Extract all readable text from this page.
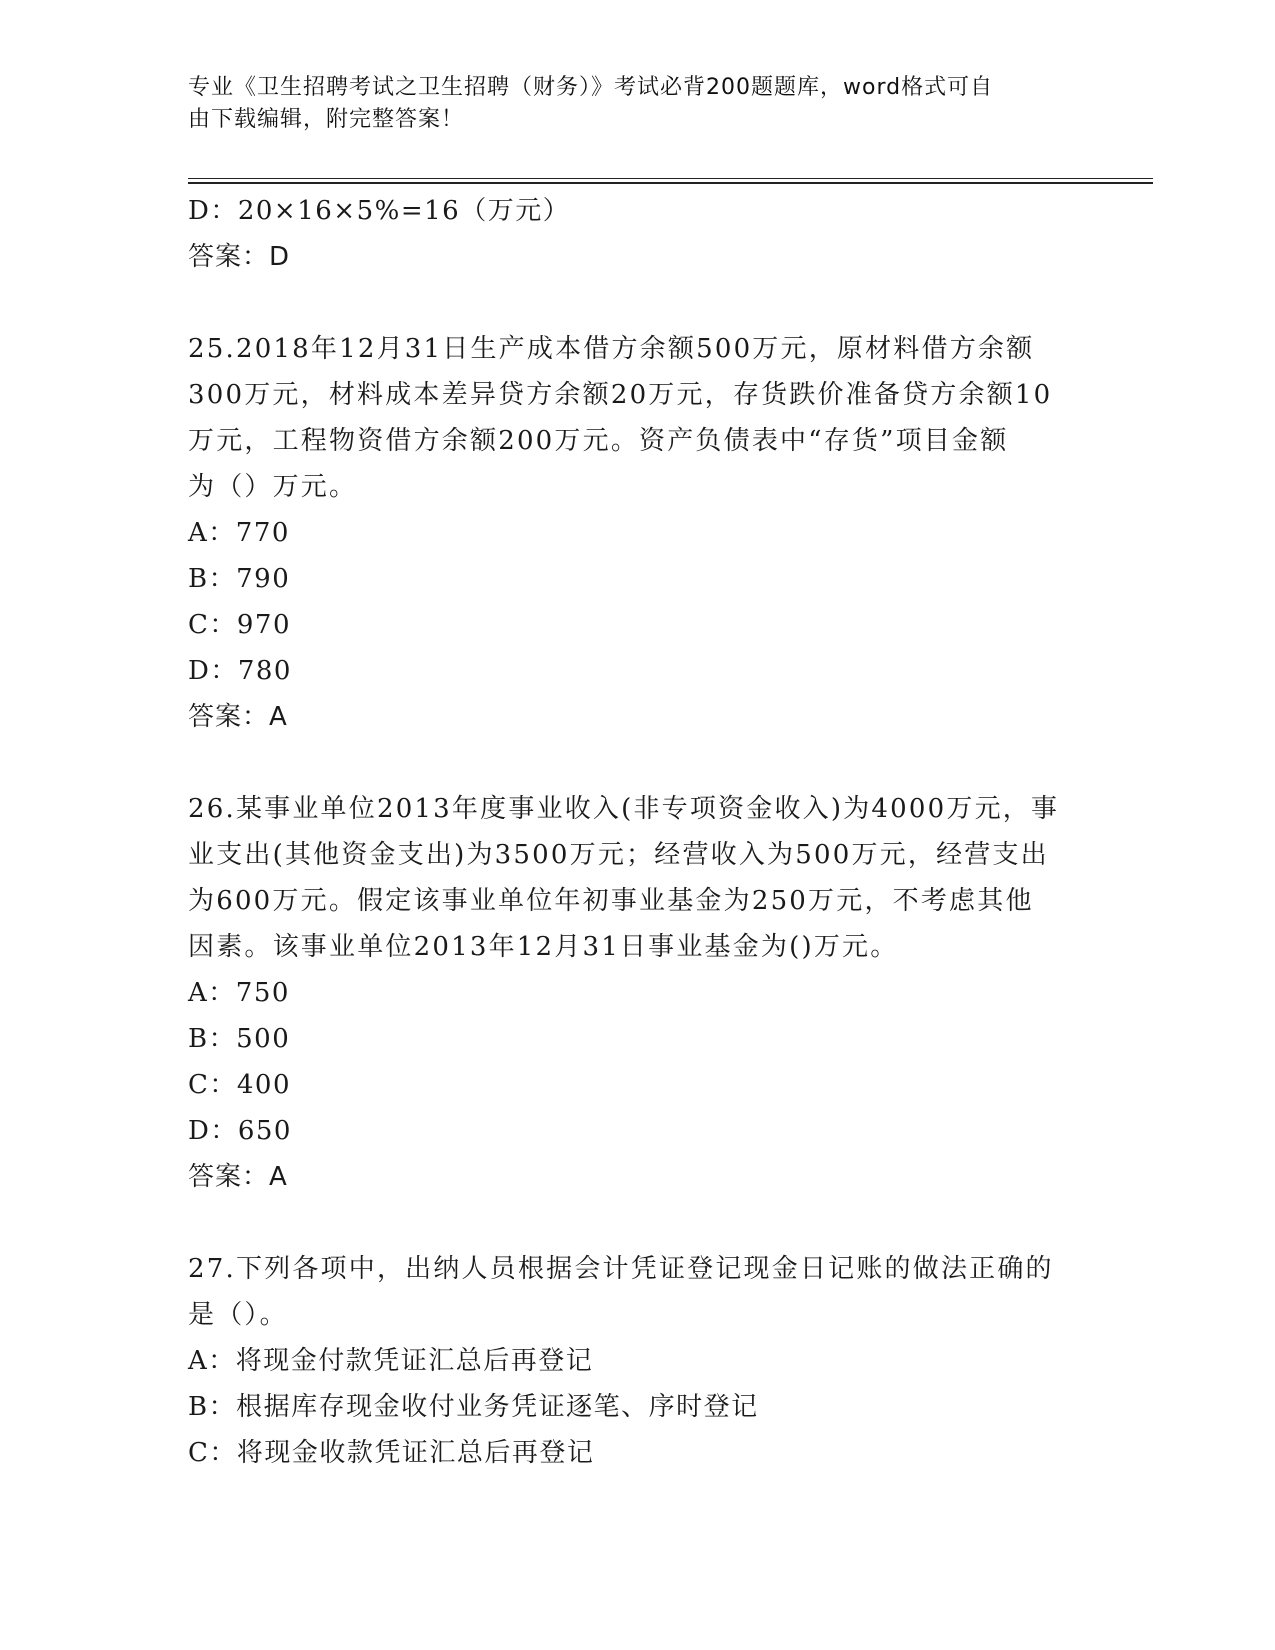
专业《卫生招聘考试之卫生招聘（财务）》考试必背200题题库，word格式可自
由下载编辑，附完整答案！
D：20×16×5%=16（万元）
答案：D
25.2018年12月31日生产成本借方余额500万元，原材料借方余额
300万元，材料成本差异贷方余额20万元，存货跌价准备贷方余额10
万元，工程物资借方余额200万元。资产负债表中“存货”项目金额
为（）万元。
A：770
B：790
C：970
D：780
答案：A
26.某事业单位2013年度事业收入(非专项资金收入)为4000万元，事
业支出(其他资金支出)为3500万元；经营收入为500万元，经营支出
为600万元。假定该事业单位年初事业基金为250万元，不考虑其他
因素。该事业单位2013年12月31日事业基金为()万元。
A：750
B：500
C：400
D：650
答案：A
27.下列各项中，出纳人员根据会计凭证登记现金日记账的做法正确的
是（）。
A：将现金付款凭证汇总后再登记
B：根据库存现金收付业务凭证逐笔、序时登记
C：将现金收款凭证汇总后再登记
